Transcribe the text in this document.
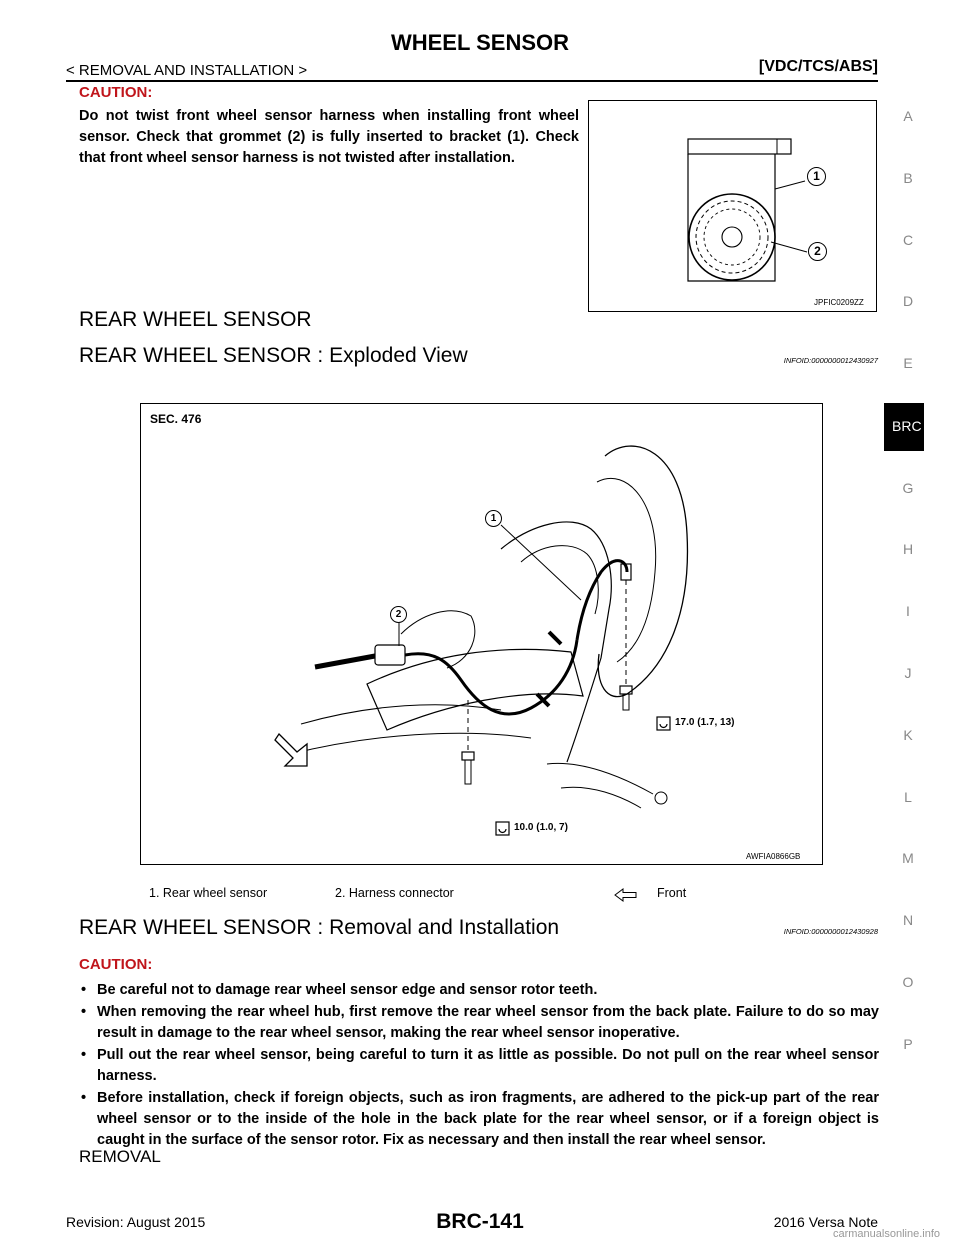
WHEEL SENSOR
< REMOVAL AND INSTALLATION >	[VDC/TCS/ABS]
CAUTION:
Do not twist front wheel sensor harness when installing front wheel sensor. Check that grommet (2) is fully inserted to bracket (1). Check that front wheel sensor harness is not twisted after installation.
1
2
JPFIC0209ZZ
REAR WHEEL SENSOR
REAR WHEEL SENSOR : Exploded View	INFOID:0000000012430927
SEC. 476
1
2
17.0 (1.7, 13)
10.0 (1.0, 7)
AWFIA0866GB
1. Rear wheel sensor	2. Harness connector	Front
REAR WHEEL SENSOR : Removal and Installation	INFOID:0000000012430928
CAUTION:
• Be careful not to damage rear wheel sensor edge and sensor rotor teeth.
• When removing the rear wheel hub, first remove the rear wheel sensor from the back plate. Failure to do so may result in damage to the rear wheel sensor, making the rear wheel sensor inoperative.
• Pull out the rear wheel sensor, being careful to turn it as little as possible. Do not pull on the rear wheel sensor harness.
• Before installation, check if foreign objects, such as iron fragments, are adhered to the pick-up part of the rear wheel sensor or to the inside of the hole in the back plate for the rear wheel sensor, or if a foreign object is caught in the surface of the sensor rotor. Fix as necessary and then install the rear wheel sensor.
REMOVAL
A
B
C
D
E
G
H
I
J
K
L
M
N
O
P
BRC
Revision: August 2015	BRC-141	2016 Versa Note
carmanualsonline.info
